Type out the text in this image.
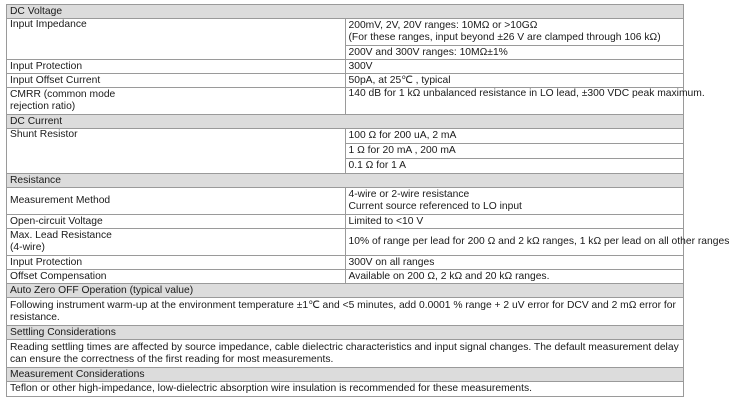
DC Voltage	
Input Impedance	200mV, 2V, 20V ranges: 10MΩ or >10GΩ
(For these ranges, input beyond ±26 V are clamped through 106 kΩ)

	200V and 300V ranges: 10MΩ±1%
Input Protection	300V
Input Offset Current	50pA, at 25℃ , typical

CMRR (common mode
rejection ratio)	140 dB for 1 kΩ unbalanced resistance in LO lead, ±300 VDC peak maximum.
DC Current	
Shunt Resistor	100 Ω for 200 uA, 2 mA
	1 Ω for 20 mA , 200 mA
	0.1 Ω for 1 A
Resistance	
Measurement Method	4-wire or 2-wire resistance
Current source referenced to LO input

Open-circuit Voltage	Limited to <10 V

Max. Lead Resistance
(4-wire)	10% of range per lead for 200 Ω and 2 kΩ ranges, 1 kΩ per lead on all other ranges
Input Protection	300V on all ranges
Offset Compensation	Available on 200 Ω, 2 kΩ and 20 kΩ ranges.
Auto Zero OFF Operation (typical value)	
Following instrument warm-up at the environment temperature ±1℃ and <5 minutes, add 0.0001 % range + 2 uV error for DCV and 2 mΩ error for resistance.	
Settling Considerations	
Reading settling times are affected by source impedance, cable dielectric characteristics and input signal changes. The default measurement delay can ensure the correctness of the first reading for most measurements.	
Measurement Considerations	
Teflon or other high-impedance, low-dielectric absorption wire insulation is recommended for these measurements.	
